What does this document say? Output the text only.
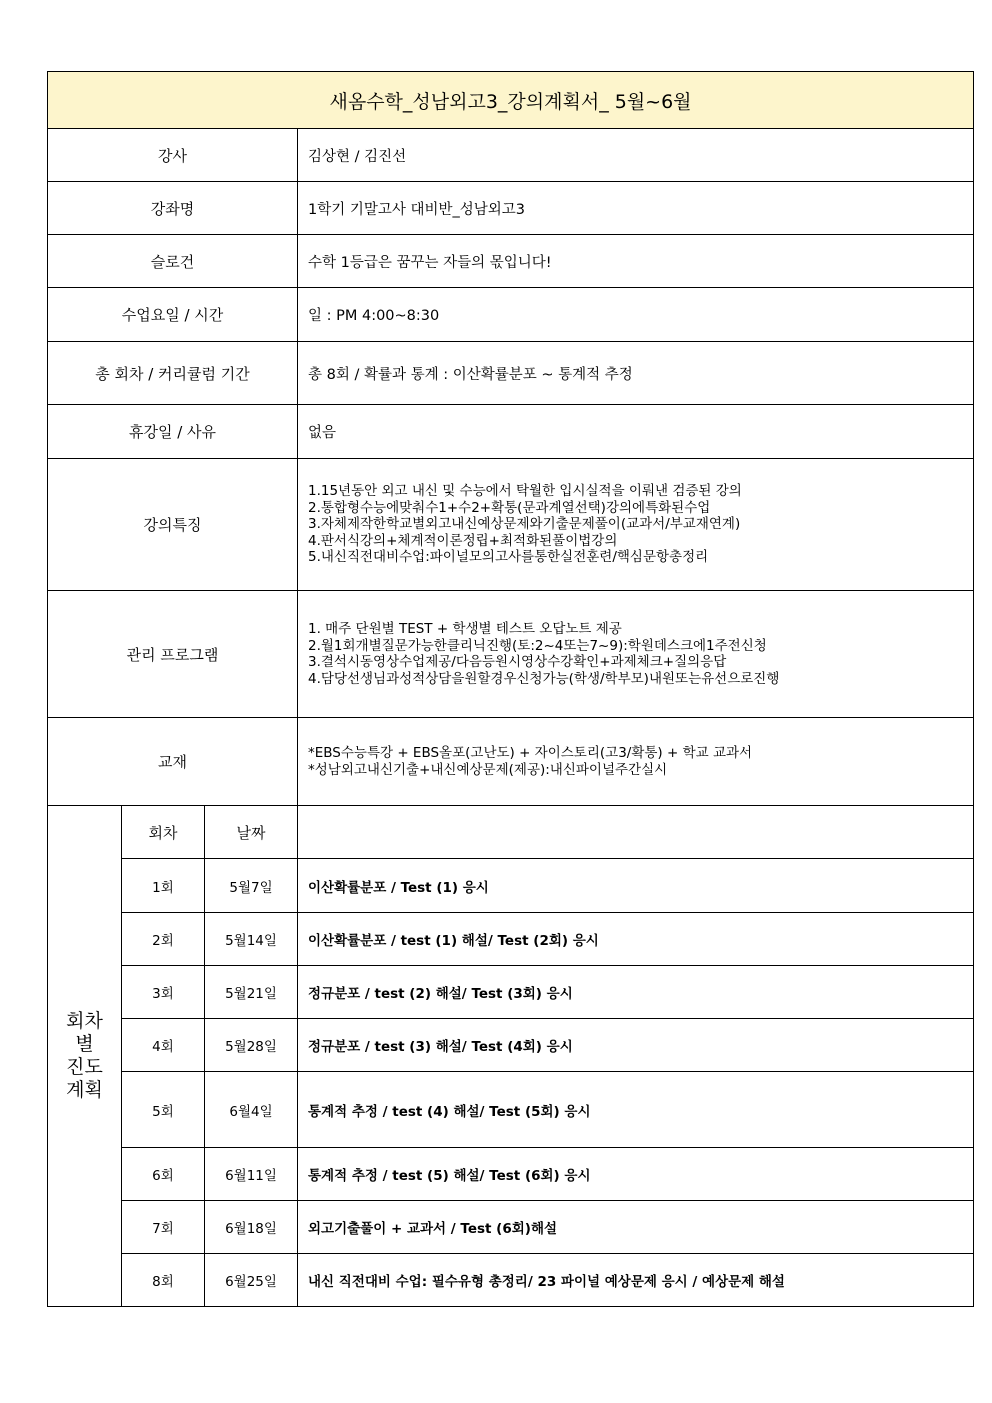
새옴수학_성남외고3_강의계획서_ 5월~6월			
강사			김상현 / 김진선
강좌명			1학기 기말고사 대비반_성남외고3
슬로건			수학 1등급은 꿈꾸는 자들의 몫입니다!
수업요일 / 시간			일 : PM 4:00~8:30
총 회차 / 커리큘럼 기간			총 8회 / 확률과 통계 : 이산확률분포 ~ 통계적 추정
휴강일 / 사유			없음
강의특징			1.15년동안 외고 내신 및 수능에서 탁월한 입시실적을 이뤄낸 검증된 강의
2.통합형수능에맞춰수1+수2+확통(문과계열선택)강의에특화된수업
3.자체제작한학교별외고내신예상문제와기출문제풀이(교과서/부교재연계)
4.판서식강의+체계적이론정립+최적화된풀이법강의
5.내신직전대비수업:파이널모의고사를통한실전훈련/핵심문항총정리

관리 프로그램			1. 매주 단원별 TEST + 학생별 테스트 오답노트 제공
2.월1회개별질문가능한클리닉진행(토:2~4또는7~9):학원데스크에1주전신청
3.결석시동영상수업제공/다음등원시영상수강확인+과제체크+질의응답
4.담당선생님과성적상담을원할경우신청가능(학생/학부모)내원또는유선으로진행

교재			*EBS수능특강 + EBS올포(고난도) + 자이스토리(고3/확통) + 학교 교과서
*성남외고내신기출+내신예상문제(제공):내신파이널주간실시

회차
별
진도
계획	회차	날짜	
	1회	5월7일	이산확률분포 / Test (1) 응시
	2회	5월14일	이산확률분포 / test (1) 해설/ Test (2회) 응시
	3회	5월21일	정규분포 / test (2) 해설/ Test (3회) 응시
	4회	5월28일	정규분포 / test (3) 해설/ Test (4회) 응시
	5회	6월4일	통계적 추정 / test (4) 해설/ Test (5회) 응시
	6회	6월11일	통계적 추정 / test (5) 해설/ Test (6회) 응시
	7회	6월18일	외고기출풀이 + 교과서 / Test (6회)해설
	8회	6월25일	내신 직전대비 수업: 필수유형 총정리/ 23 파이널 예상문제 응시 / 예상문제 해설
